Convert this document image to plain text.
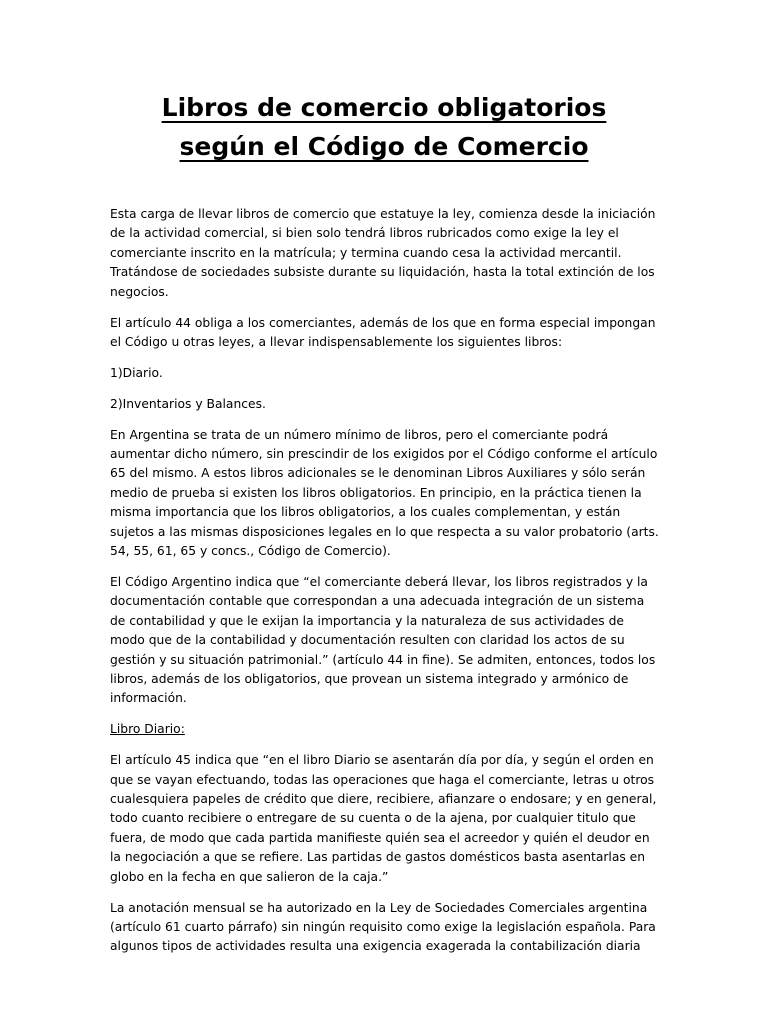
Libros de comercio obligatorios
según el Código de Comercio

Esta carga de llevar libros de comercio que estatuye la ley, comienza desde la iniciación de la actividad comercial, si bien solo tendrá libros rubricados como exige la ley el comerciante inscrito en la matrícula; y termina cuando cesa la actividad mercantil. Tratándose de sociedades subsiste durante su liquidación, hasta la total extinción de los negocios.

El artículo 44 obliga a los comerciantes, además de los que en forma especial impongan el Código u otras leyes, a llevar indispensablemente los siguientes libros:

1)Diario.

2)Inventarios y Balances.

En Argentina se trata de un número mínimo de libros, pero el comerciante podrá aumentar dicho número, sin prescindir de los exigidos por el Código conforme el artículo 65 del mismo. A estos libros adicionales se le denominan Libros Auxiliares y sólo serán medio de prueba si existen los libros obligatorios. En principio, en la práctica tienen la misma importancia que los libros obligatorios, a los cuales complementan, y están sujetos a las mismas disposiciones legales en lo que respecta a su valor probatorio (arts. 54, 55, 61, 65 y concs., Código de Comercio).

El Código Argentino indica que “el comerciante deberá llevar, los libros registrados y la documentación contable que correspondan a una adecuada integración de un sistema de contabilidad y que le exijan la importancia y la naturaleza de sus actividades de modo que de la contabilidad y documentación resulten con claridad los actos de su gestión y su situación patrimonial.” (artículo 44 in fine). Se admiten, entonces, todos los libros, además de los obligatorios, que provean un sistema integrado y armónico de información.

Libro Diario:

El artículo 45 indica que “en el libro Diario se asentarán día por día, y según el orden en que se vayan efectuando, todas las operaciones que haga el comerciante, letras u otros cualesquiera papeles de crédito que diere, recibiere, afianzare o endosare; y en general, todo cuanto recibiere o entregare de su cuenta o de la ajena, por cualquier titulo que fuera, de modo que cada partida manifieste quién sea el acreedor y quién el deudor en la negociación a que se refiere. Las partidas de gastos domésticos basta asentarlas en globo en la fecha en que salieron de la caja.”

La anotación mensual se ha autorizado en la Ley de Sociedades Comerciales argentina (artículo 61 cuarto párrafo) sin ningún requisito como exige la legislación española. Para algunos tipos de actividades resulta una exigencia exagerada la contabilización diaria
